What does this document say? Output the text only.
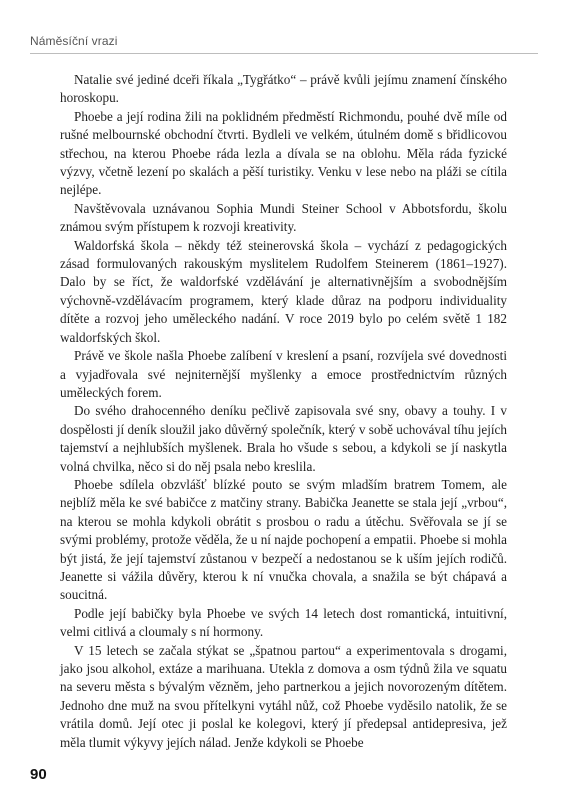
Náměsíční vrazi

Natalie své jediné dceři říkala „Tygřátko“ – právě kvůli jejímu znamení čínského horoskopu.

Phoebe a její rodina žili na poklidném předměstí Richmondu, pouhé dvě míle od rušné melbournské obchodní čtvrti. Bydleli ve velkém, útulném domě s břidlicovou střechou, na kterou Phoebe ráda lezla a dívala se na oblohu. Měla ráda fyzické výzvy, včetně lezení po skalách a pěší turistiky. Venku v lese nebo na pláži se cítila nejlépe.

Navštěvovala uznávanou Sophia Mundi Steiner School v Abbotsfordu, školu známou svým přístupem k rozvoji kreativity.

Waldorfská škola – někdy též steinerovská škola – vychází z pedagogických zásad formulovaných rakouským myslitelem Rudolfem Steinerem (1861–1927). Dalo by se říct, že waldorfské vzdělávání je alternativnějším a svobodnějším výchovně-vzdělávacím programem, který klade důraz na podporu individuality dítěte a rozvoj jeho uměleckého nadání. V roce 2019 bylo po celém světě 1 182 waldorfských škol.

Právě ve škole našla Phoebe zalíbení v kreslení a psaní, rozvíjela své dovednosti a vyjadřovala své nejniternější myšlenky a emoce prostřednictvím různých uměleckých forem.

Do svého drahocenného deníku pečlivě zapisovala své sny, obavy a touhy. I v dospělosti jí deník sloužil jako důvěrný společník, který v sobě uchovával tíhu jejích tajemství a nejhlubších myšlenek. Brala ho všude s sebou, a kdykoli se jí naskytla volná chvilka, něco si do něj psala nebo kreslila.

Phoebe sdílela obzvlášť blízké pouto se svým mladším bratrem Tomem, ale nejblíž měla ke své babičce z matčiny strany. Babička Jeanette se stala její „vrbou“, na kterou se mohla kdykoli obrátit s prosbou o radu a útěchu. Svěřovala se jí se svými problémy, protože věděla, že u ní najde pochopení a empatii. Phoebe si mohla být jistá, že její tajemství zůstanou v bezpečí a nedostanou se k uším jejích rodičů. Jeanette si vážila důvěry, kterou k ní vnučka chovala, a snažila se být chápavá a soucitná.

Podle její babičky byla Phoebe ve svých 14 letech dost romantická, intuitivní, velmi citlivá a cloumaly s ní hormony.

V 15 letech se začala stýkat se „špatnou partou“ a experimentovala s drogami, jako jsou alkohol, extáze a marihuana. Utekla z domova a osm týdnů žila ve squatu na severu města s bývalým vězněm, jeho partnerkou a jejich novorozeným dítětem. Jednoho dne muž na svou přítelkyni vytáhl nůž, což Phoebe vyděsilo natolik, že se vrátila domů. Její otec ji poslal ke kolegovi, který jí předepsal antidepresiva, jež měla tlumit výkyvy jejích nálad. Jenže kdykoli se Phoebe

90
